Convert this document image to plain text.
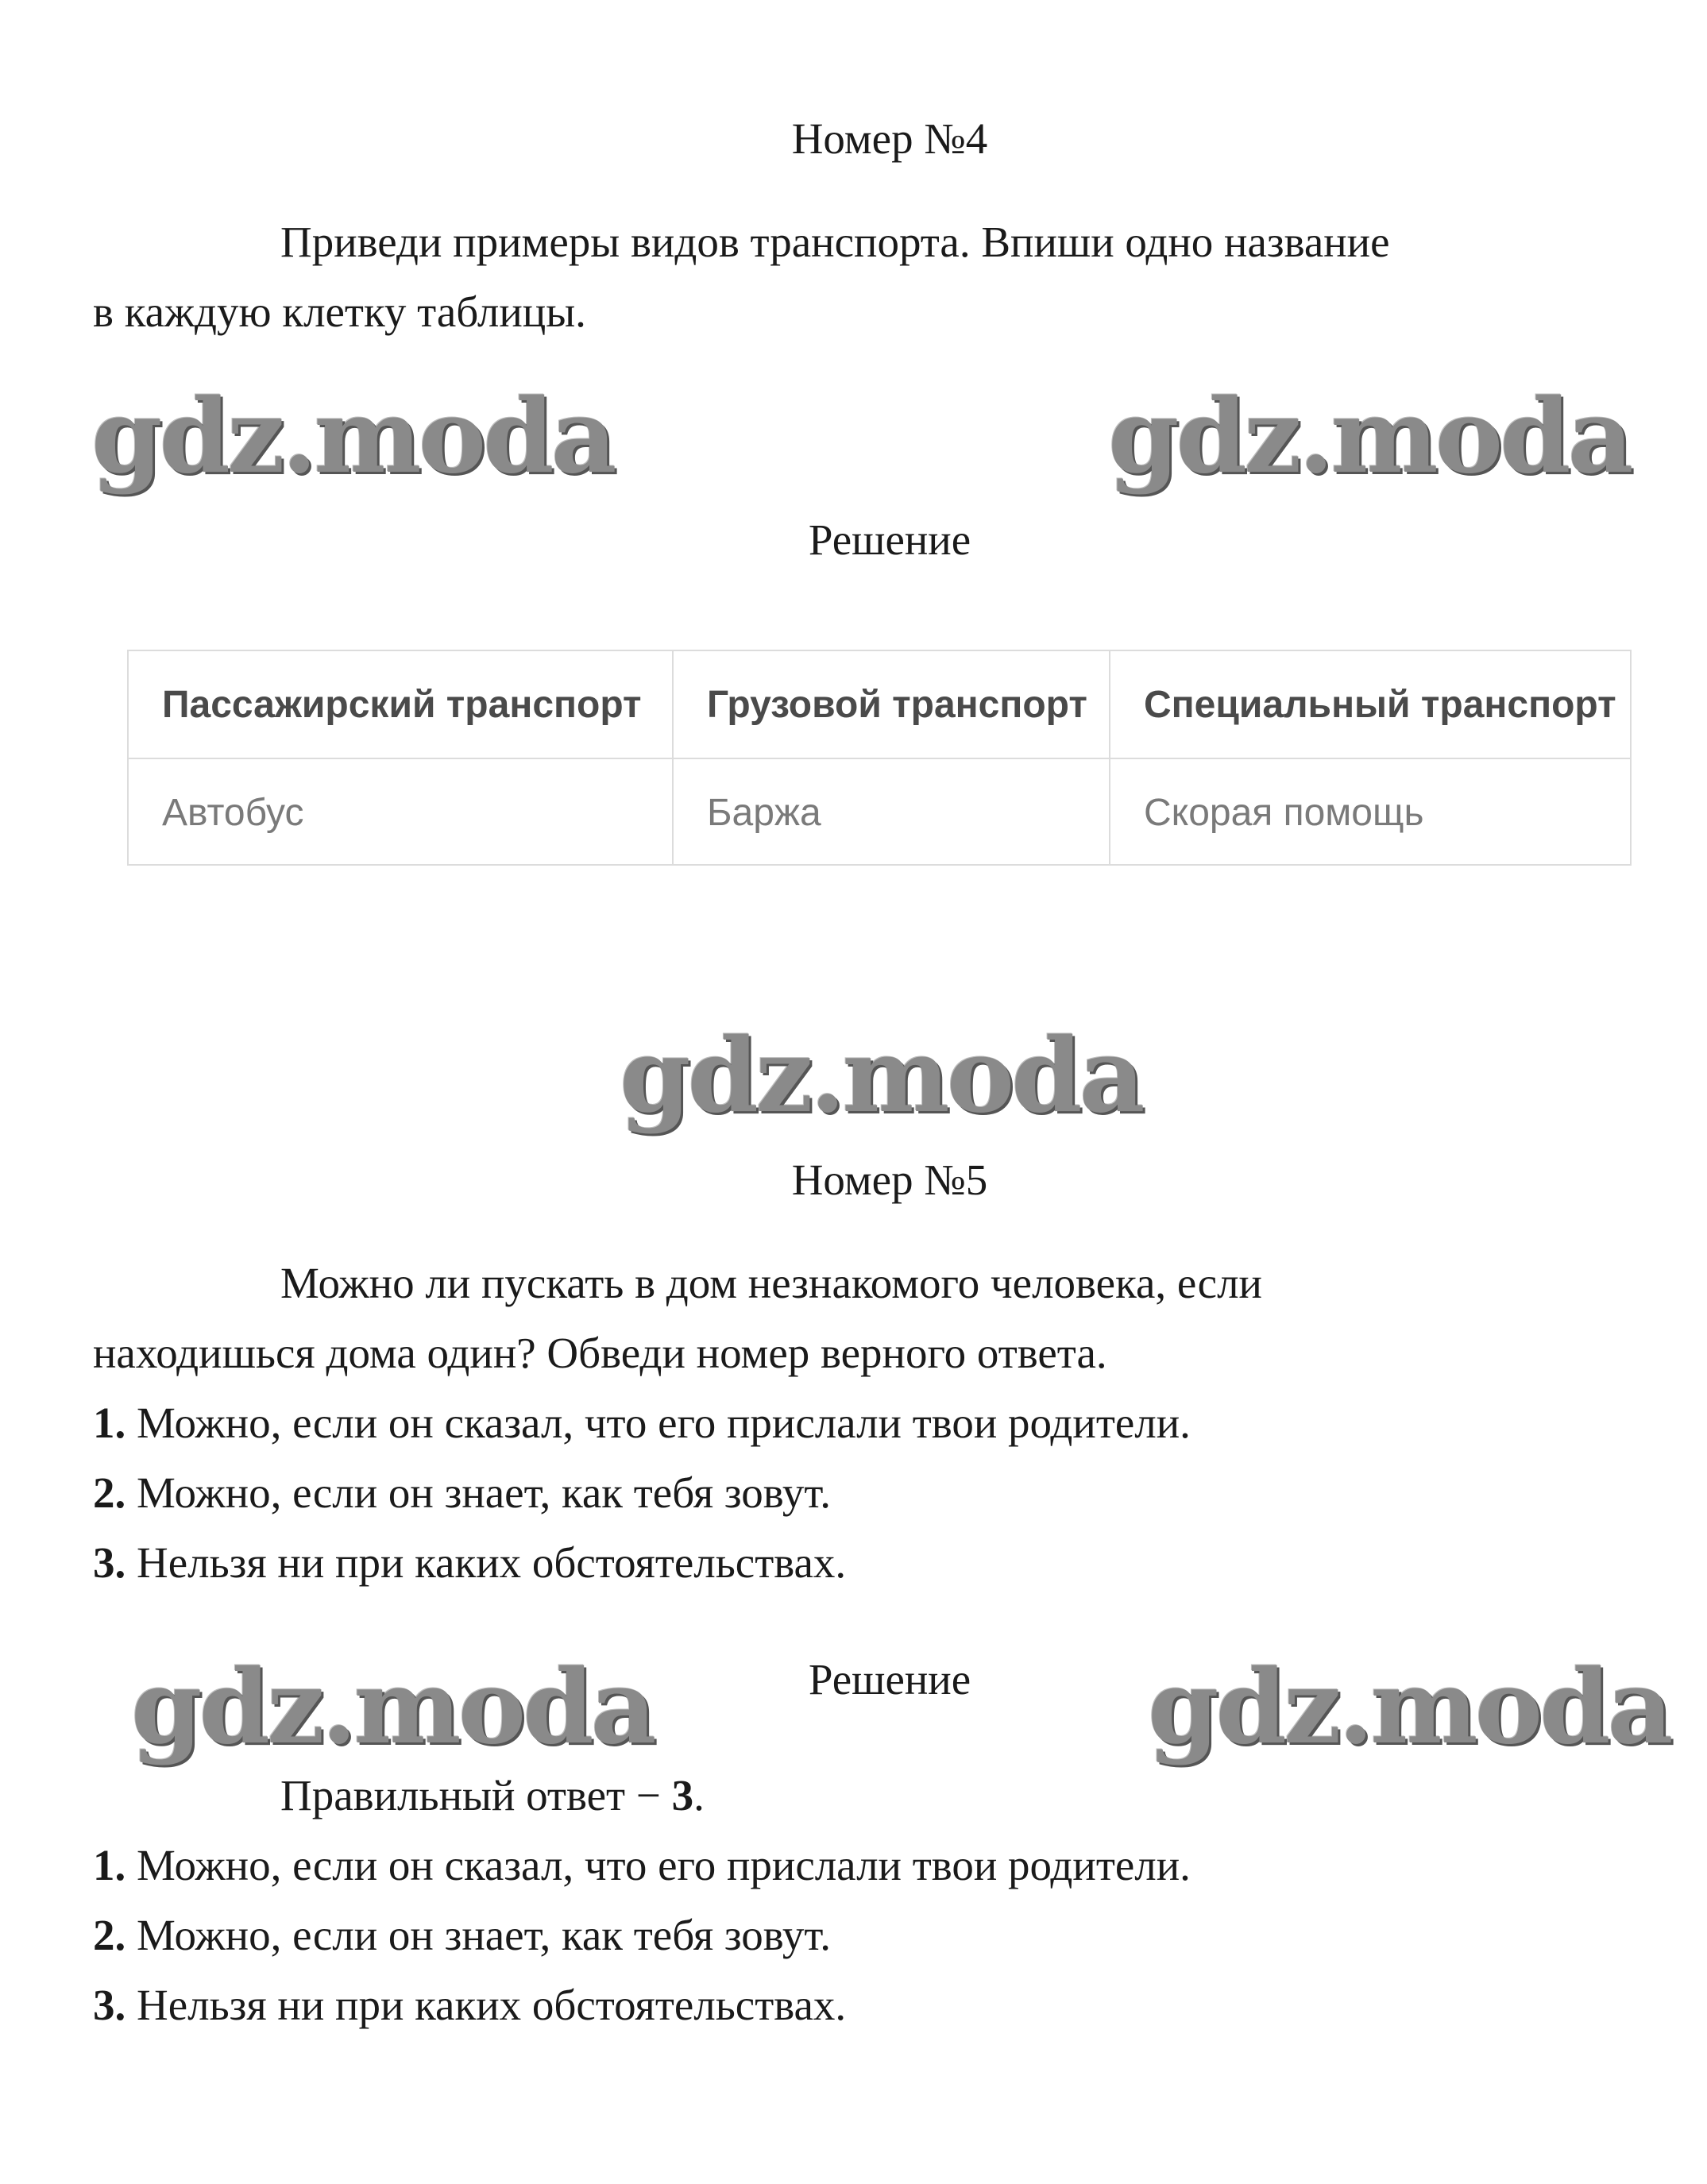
Номер №4
Приведи примеры видов транспорта. Впиши одно название
в каждую клетку таблицы.
gdz.moda	gdz.moda
Решение
Пассажирский транспорт	Грузовой транспорт	Специальный транспорт
Автобус	Баржа	Скорая помощь
gdz.moda
Номер №5
Можно ли пускать в дом незнакомого человека, если
находишься дома один? Обведи номер верного ответа.
1. Можно, если он сказал, что его прислали твои родители.
2. Можно, если он знает, как тебя зовут.
3. Нельзя ни при каких обстоятельствах.
gdz.moda	Решение	gdz.moda
Правильный ответ − 3.
1. Можно, если он сказал, что его прислали твои родители.
2. Можно, если он знает, как тебя зовут.
3. Нельзя ни при каких обстоятельствах.
